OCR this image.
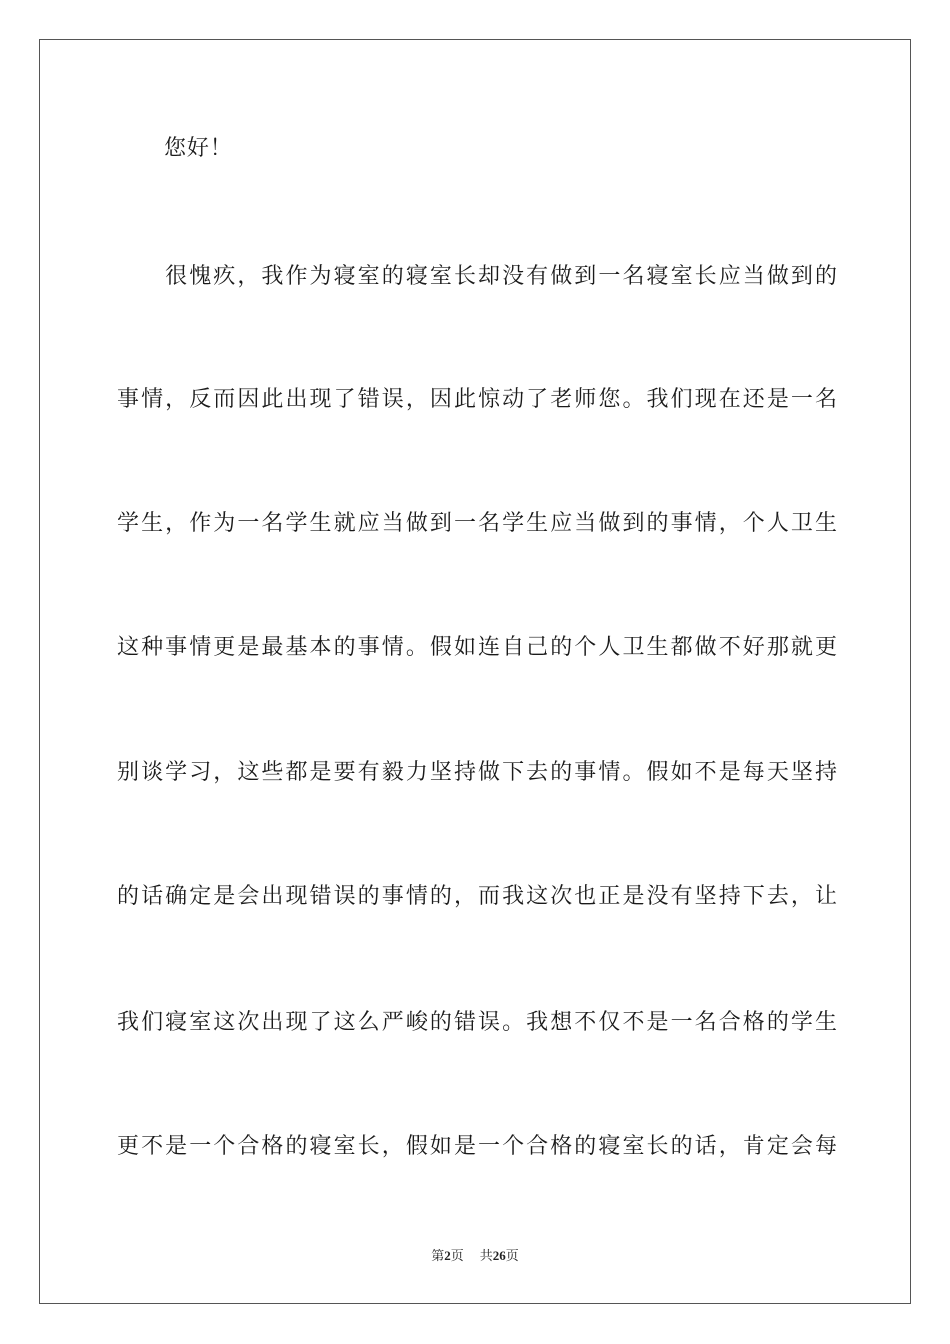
您好！
　　很愧疚，我作为寝室的寝室长却没有做到一名寝室长应当做到的
事情，反而因此出现了错误，因此惊动了老师您。我们现在还是一名
学生，作为一名学生就应当做到一名学生应当做到的事情，个人卫生
这种事情更是最基本的事情。假如连自己的个人卫生都做不好那就更
别谈学习，这些都是要有毅力坚持做下去的事情。假如不是每天坚持
的话确定是会出现错误的事情的，而我这次也正是没有坚持下去，让
我们寝室这次出现了这么严峻的错误。我想不仅不是一名合格的学生
更不是一个合格的寝室长，假如是一个合格的寝室长的话，肯定会每
第2页 共26页
